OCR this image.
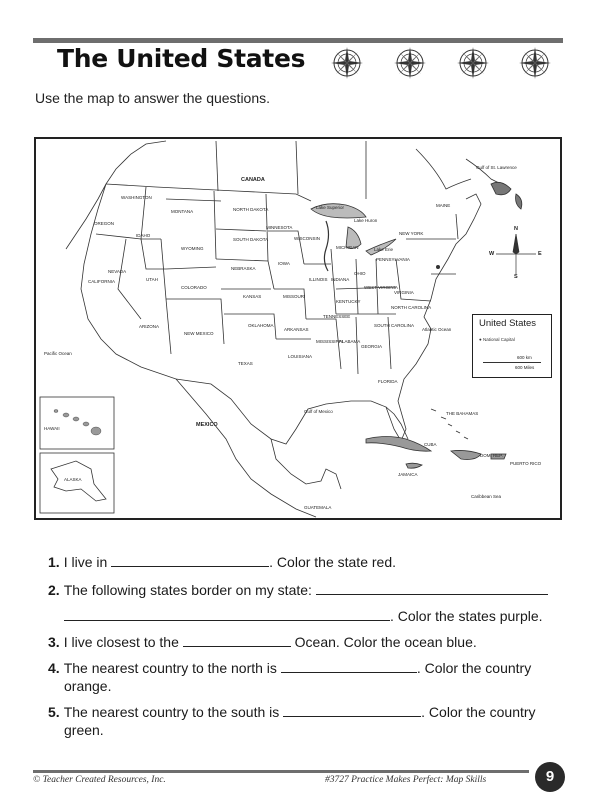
The United States
Use the map to answer the questions.
CANADA
MEXICO
Pacific Ocean
Atlantic Ocean
Gulf of Mexico
Caribbean Sea
Gulf of St. Lawrence
HAWAII
ALASKA
CUBA
THE BAHAMAS
JAMAICA
PUERTO RICO
DOM. REP.
GUATEMALA
WASHINGTON
OREGON
CALIFORNIA
NEVADA
IDAHO
MONTANA
WYOMING
UTAH
ARIZONA
COLORADO
NEW MEXICO
NORTH DAKOTA
SOUTH DAKOTA
NEBRASKA
KANSAS
OKLAHOMA
TEXAS
MINNESOTA
IOWA
MISSOURI
ARKANSAS
LOUISIANA
WISCONSIN
ILLINOIS
MICHIGAN
INDIANA
OHIO
KENTUCKY
TENNESSEE
MISSISSIPPI
ALABAMA
GEORGIA
FLORIDA
SOUTH CAROLINA
NORTH CAROLINA
VIRGINIA
WEST VIRGINIA
PENNSYLVANIA
NEW YORK
MAINE
Lake Superior
Lake Huron
Lake Erie
N
S
E
W
United States
● National Capital
600 km
600 Miles
1. I live in	. Color the state red.
2. The following states border on my state:
. Color the states purple.
3. I live closest to the	Ocean. Color the ocean blue.
4. The nearest country to the north is	. Color the country
orange.
5. The nearest country to the south is	. Color the country
green.
© Teacher Created Resources, Inc.	#3727 Practice Makes Perfect: Map Skills	9
